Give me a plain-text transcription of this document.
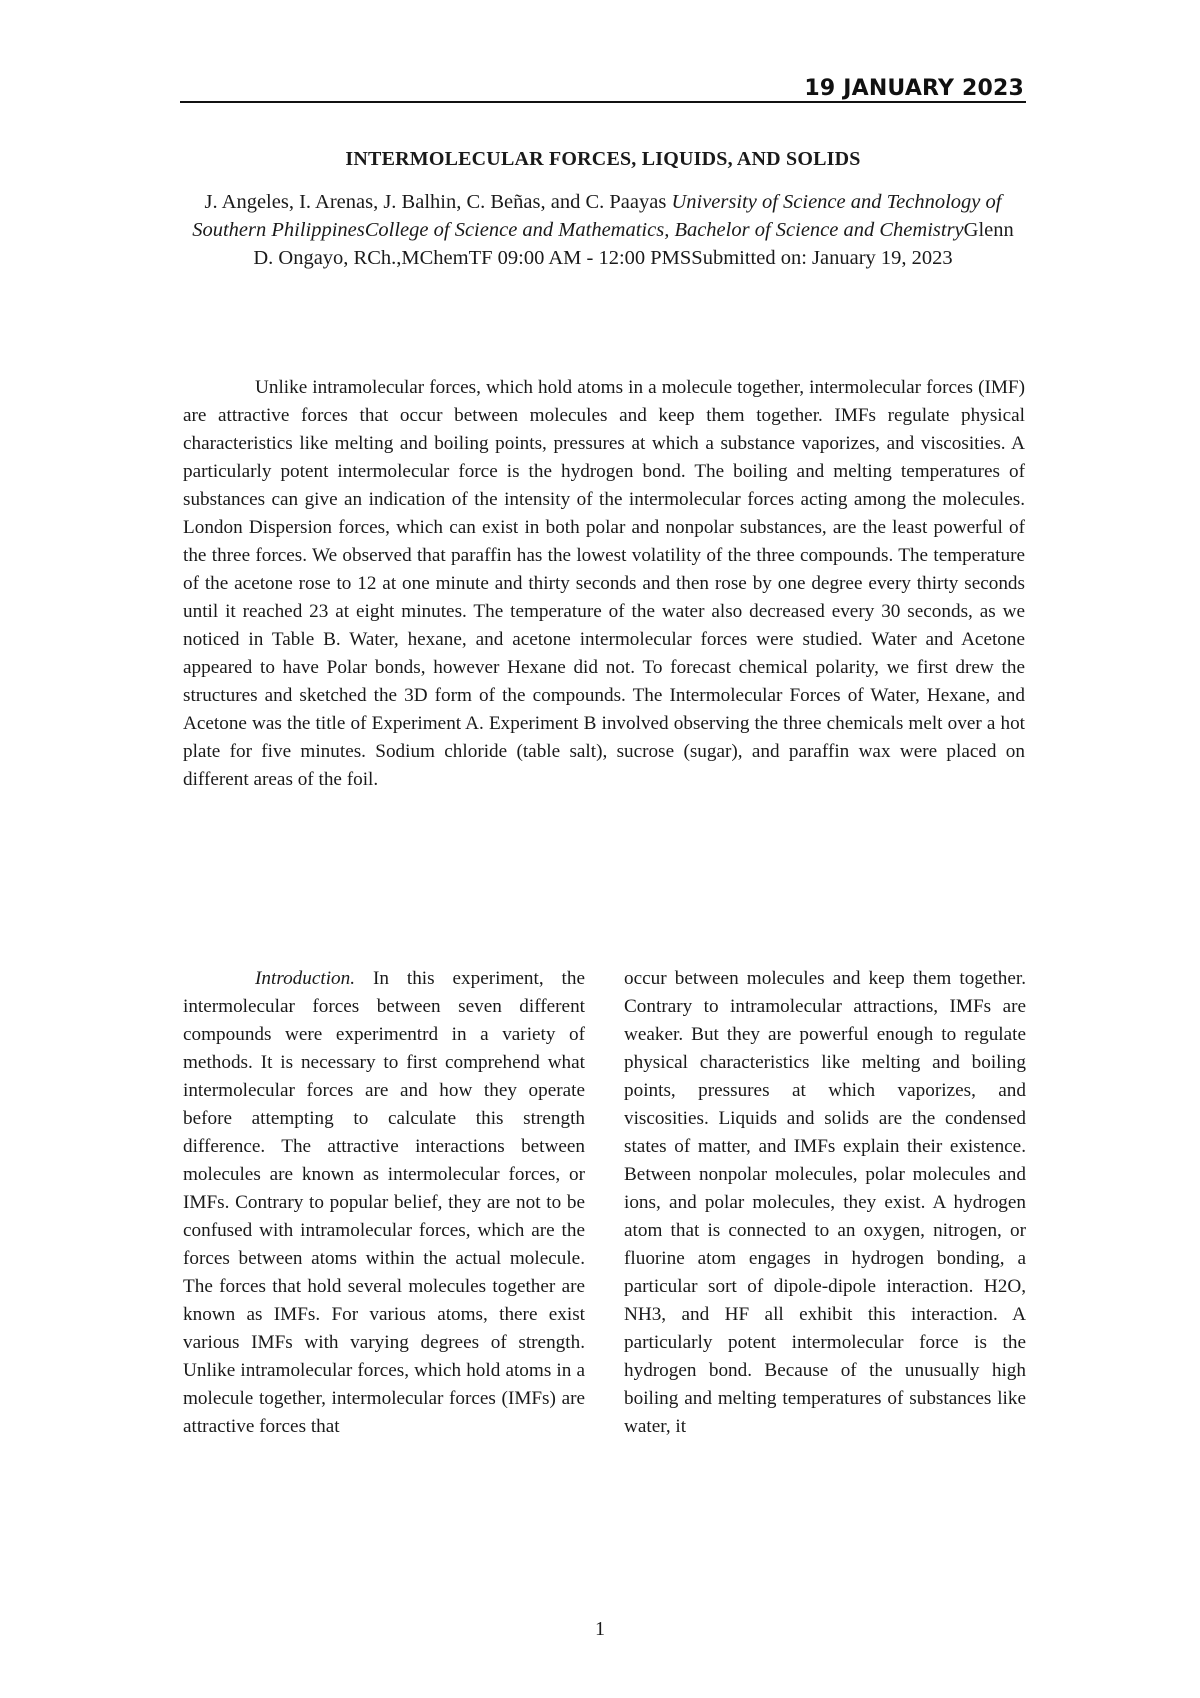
19 JANUARY 2023
INTERMOLECULAR FORCES, LIQUIDS, AND SOLIDS
J. Angeles, I. Arenas, J. Balhin, C. Beñas, and C. Paayas University of Science and Technology of Southern PhilippinesCollege of Science and Mathematics, Bachelor of Science and ChemistryGlenn D. Ongayo, RCh.,MChemTF 09:00 AM - 12:00 PMSSubmitted on: January 19, 2023

Unlike intramolecular forces, which hold atoms in a molecule together, intermolecular forces (IMF) are attractive forces that occur between molecules and keep them together. IMFs regulate physical characteristics like melting and boiling points, pressures at which a substance vaporizes, and viscosities. A particularly potent intermolecular force is the hydrogen bond. The boiling and melting temperatures of substances can give an indication of the intensity of the intermolecular forces acting among the molecules. London Dispersion forces, which can exist in both polar and nonpolar substances, are the least powerful of the three forces. We observed that paraffin has the lowest volatility of the three compounds. The temperature of the acetone rose to 12 at one minute and thirty seconds and then rose by one degree every thirty seconds until it reached 23 at eight minutes. The temperature of the water also decreased every 30 seconds, as we noticed in Table B. Water, hexane, and acetone intermolecular forces were studied. Water and Acetone appeared to have Polar bonds, however Hexane did not. To forecast chemical polarity, we first drew the structures and sketched the 3D form of the compounds. The Intermolecular Forces of Water, Hexane, and Acetone was the title of Experiment A. Experiment B involved observing the three chemicals melt over a hot plate for five minutes. Sodium chloride (table salt), sucrose (sugar), and paraffin wax were placed on different areas of the foil.

Introduction. In this experiment, the intermolecular forces between seven different compounds were experimentrd in a variety of methods. It is necessary to first comprehend what intermolecular forces are and how they operate before attempting to calculate this strength difference. The attractive interactions between molecules are known as intermolecular forces, or IMFs. Contrary to popular belief, they are not to be confused with intramolecular forces, which are the forces between atoms within the actual molecule. The forces that hold several molecules together are known as IMFs. For various atoms, there exist various IMFs with varying degrees of strength. Unlike intramolecular forces, which hold atoms in a molecule together, intermolecular forces (IMFs) are attractive forces that

occur between molecules and keep them together. Contrary to intramolecular attractions, IMFs are weaker. But they are powerful enough to regulate physical characteristics like melting and boiling points, pressures at which vaporizes, and viscosities. Liquids and solids are the condensed states of matter, and IMFs explain their existence. Between nonpolar molecules, polar molecules and ions, and polar molecules, they exist. A hydrogen atom that is connected to an oxygen, nitrogen, or fluorine atom engages in hydrogen bonding, a particular sort of dipole-dipole interaction. H2O, NH3, and HF all exhibit this interaction. A particularly potent intermolecular force is the hydrogen bond. Because of the unusually high boiling and melting temperatures of substances like water, it

1
